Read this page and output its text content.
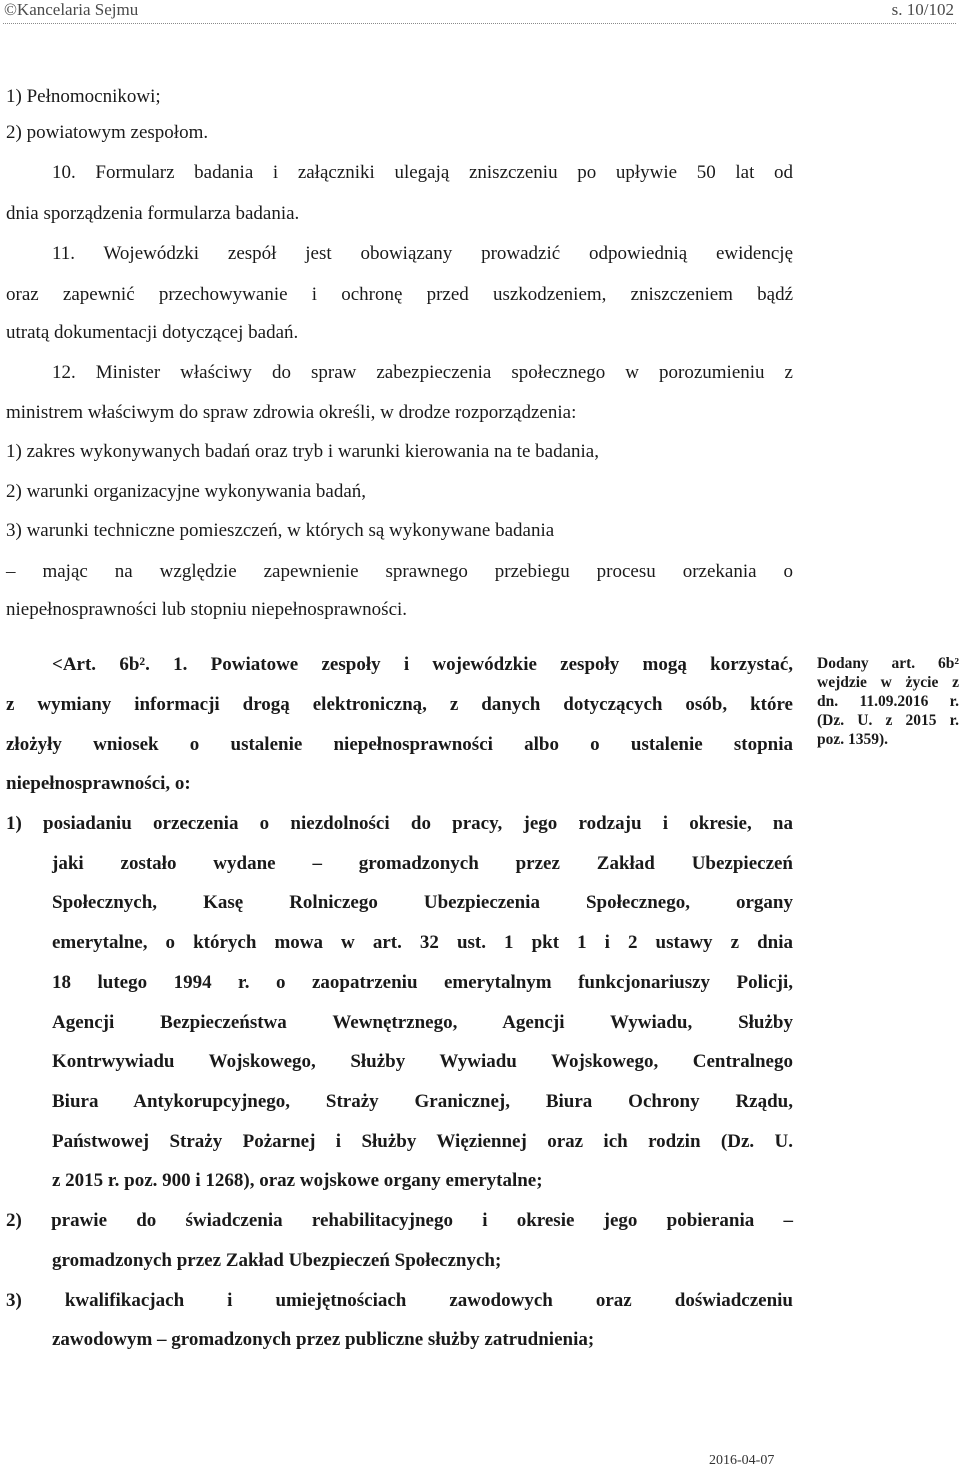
©Kancelaria Sejmu	s. 10/102
1) Pełnomocnikowi;
2) powiatowym zespołom.
10. Formularz badania i załączniki ulegają zniszczeniu po upływie 50 lat od
dnia sporządzenia formularza badania.
11. Wojewódzki zespół jest obowiązany prowadzić odpowiednią ewidencję
oraz zapewnić przechowywanie i ochronę przed uszkodzeniem, zniszczeniem bądź
utratą dokumentacji dotyczącej badań.
12. Minister właściwy do spraw zabezpieczenia społecznego w porozumieniu z
ministrem właściwym do spraw zdrowia określi, w drodze rozporządzenia:
1) zakres wykonywanych badań oraz tryb i warunki kierowania na te badania,
2) warunki organizacyjne wykonywania badań,
3) warunki techniczne pomieszczeń, w których są wykonywane badania
– mając na względzie zapewnienie sprawnego przebiegu procesu orzekania o
niepełnosprawności lub stopniu niepełnosprawności.
<Art. 6b². 1. Powiatowe zespoły i wojewódzkie zespoły mogą korzystać,
z wymiany informacji drogą elektroniczną, z danych dotyczących osób, które
złożyły wniosek o ustalenie niepełnosprawności albo o ustalenie stopnia
niepełnosprawności, o:
1) posiadaniu orzeczenia o niezdolności do pracy, jego rodzaju i okresie, na
jaki zostało wydane – gromadzonych przez Zakład Ubezpieczeń
Społecznych, Kasę Rolniczego Ubezpieczenia Społecznego, organy
emerytalne, o których mowa w art. 32 ust. 1 pkt 1 i 2 ustawy z dnia
18 lutego 1994 r. o zaopatrzeniu emerytalnym funkcjonariuszy Policji,
Agencji Bezpieczeństwa Wewnętrznego, Agencji Wywiadu, Służby
Kontrwywiadu Wojskowego, Służby Wywiadu Wojskowego, Centralnego
Biura Antykorupcyjnego, Straży Granicznej, Biura Ochrony Rządu,
Państwowej Straży Pożarnej i Służby Więziennej oraz ich rodzin (Dz. U.
z 2015 r. poz. 900 i 1268), oraz wojskowe organy emerytalne;
2) prawie do świadczenia rehabilitacyjnego i okresie jego pobierania –
gromadzonych przez Zakład Ubezpieczeń Społecznych;
3) kwalifikacjach i umiejętnościach zawodowych oraz doświadczeniu
zawodowym – gromadzonych przez publiczne służby zatrudnienia;
Dodany art. 6b²
wejdzie w życie z
dn. 11.09.2016 r.
(Dz. U. z 2015 r.
poz. 1359).
2016-04-07
